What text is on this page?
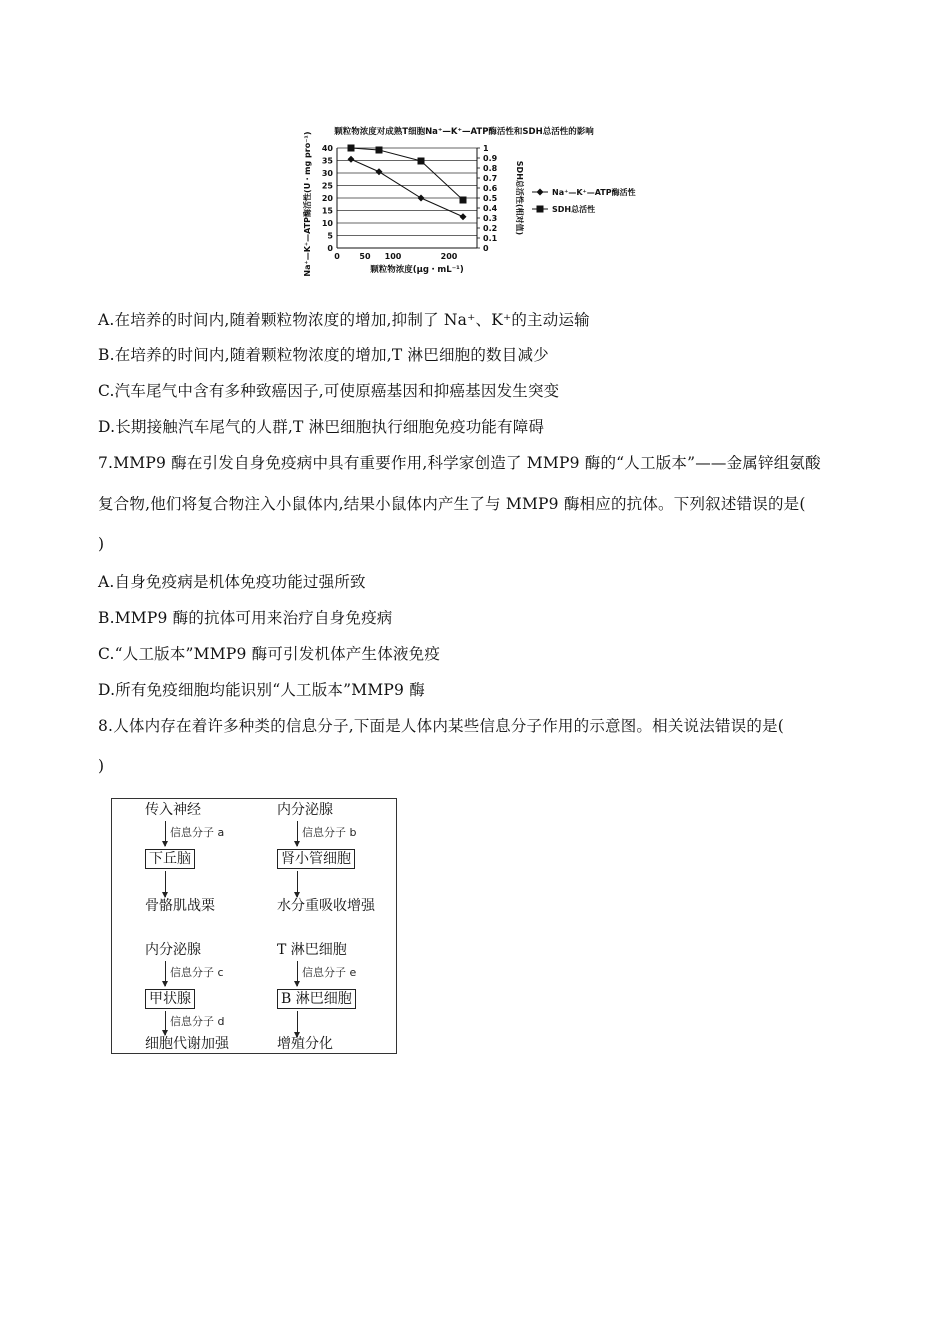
颗粒物浓度对成熟T细胞Na⁺—K⁺—ATP酶活性和SDH总活性的影响
0
5
10
15
20
25
30
35
40
0
0.1
0.2
0.3
0.4
0.5
0.6
0.7
0.8
0.9
1
0 50 100	200
颗粒物浓度(μg・mL⁻¹)
Na⁺—K⁺—ATP酶活性(U・mg pro⁻¹)	SDH总活性(相对值)	Na⁺—K⁺—ATP酶活性
SDH总活性
A.在培养的时间内,随着颗粒物浓度的增加,抑制了 Na⁺、K⁺的主动运输
B.在培养的时间内,随着颗粒物浓度的增加,T 淋巴细胞的数目减少
C.汽车尾气中含有多种致癌因子,可使原癌基因和抑癌基因发生突变
D.长期接触汽车尾气的人群,T 淋巴细胞执行细胞免疫功能有障碍
7.MMP9 酶在引发自身免疫病中具有重要作用,科学家创造了 MMP9 酶的“人工版本”——金属锌组氨酸
复合物,他们将复合物注入小鼠体内,结果小鼠体内产生了与 MMP9 酶相应的抗体。下列叙述错误的是(
)
A.自身免疫病是机体免疫功能过强所致
B.MMP9 酶的抗体可用来治疗自身免疫病
C.“人工版本”MMP9 酶可引发机体产生体液免疫
D.所有免疫细胞均能识别“人工版本”MMP9 酶
8.人体内存在着许多种类的信息分子,下面是人体内某些信息分子作用的示意图。相关说法错误的是(
)
传入神经
信息分子 a
下丘脑
骨骼肌战栗
内分泌腺
信息分子 b
肾小管细胞
水分重吸收增强
内分泌腺
信息分子 c
甲状腺
信息分子 d
细胞代谢加强
T 淋巴细胞
信息分子 e
B 淋巴细胞
增殖分化
